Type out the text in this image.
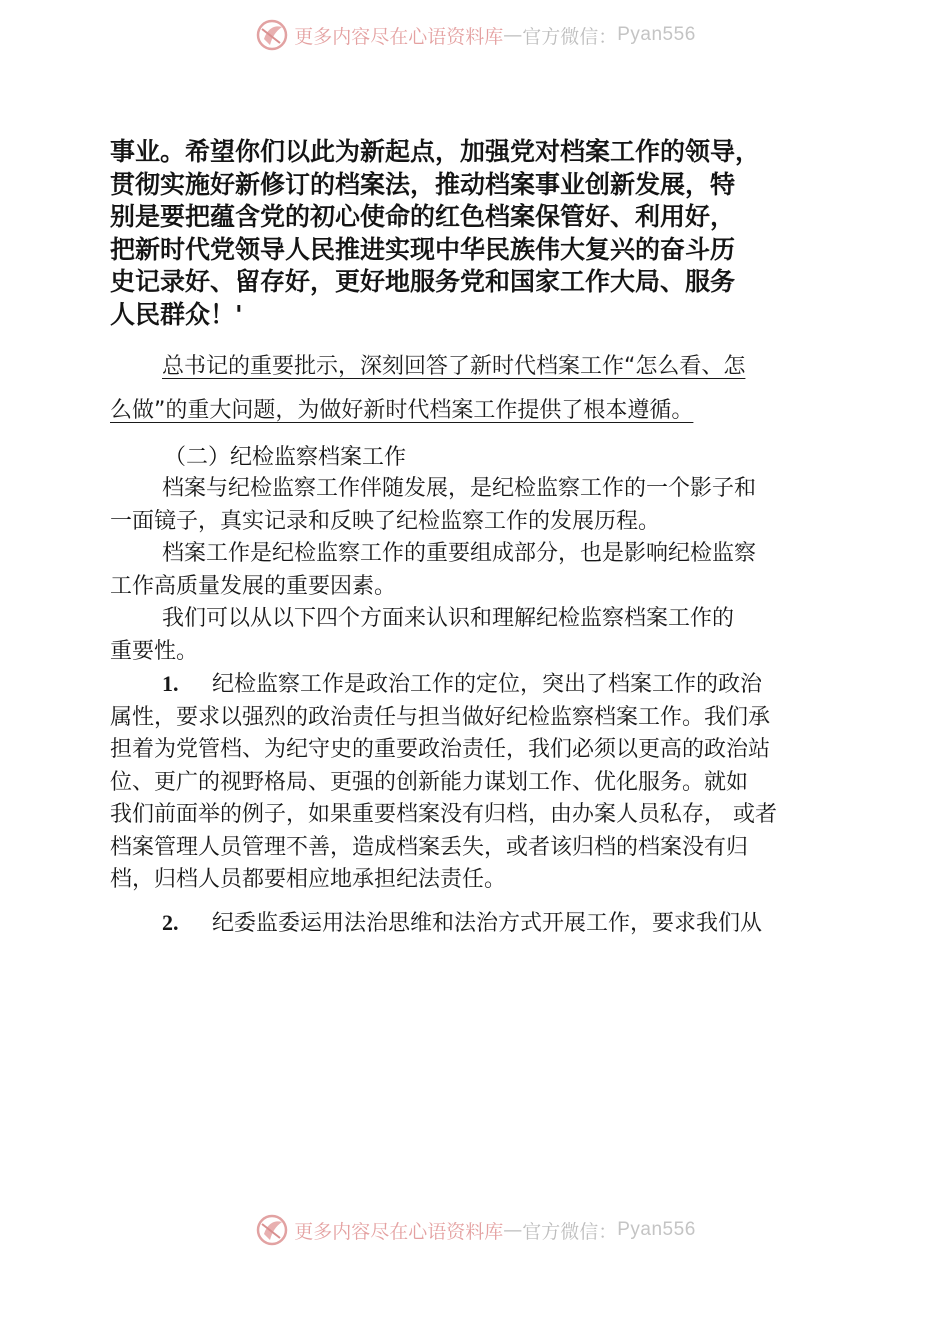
更多内容尽在心语资料库 — 官方微信： Pyan556

事业。希望你们以此为新起点，加强党对档案工作的领导，
贯彻实施好新修订的档案法，推动档案事业创新发展，特
别是要把蕴含党的初心使命的红色档案保管好、利用好，
把新时代党领导人民推进实现中华民族伟大复兴的奋斗历
史记录好、留存好，更好地服务党和国家工作大局、服务
人民群众！'

总书记的重要批示，深刻回答了新时代档案工作“怎么看、怎
么做”的重大问题，为做好新时代档案工作提供了根本遵循。
（二）纪检监察档案工作

档案与纪检监察工作伴随发展，是纪检监察工作的一个影子和
一面镜子，真实记录和反映了纪检监察工作的发展历程。

档案工作是纪检监察工作的重要组成部分，也是影响纪检监察
工作高质量发展的重要因素。

我们可以从以下四个方面来认识和理解纪检监察档案工作的
重要性。

1. 纪检监察工作是政治工作的定位，突出了档案工作的政治
属性，要求以强烈的政治责任与担当做好纪检监察档案工作。我们承
担着为党管档、为纪守史的重要政治责任，我们必须以更高的政治站
位、更广的视野格局、更强的创新能力谋划工作、优化服务。就如
我们前面举的例子，如果重要档案没有归档，由办案人员私存， 或者
档案管理人员管理不善，造成档案丢失，或者该归档的档案没有归
档，归档人员都要相应地承担纪法责任。

2. 纪委监委运用法治思维和法治方式开展工作，要求我们从

更多内容尽在心语资料库 — 官方微信： Pyan556
